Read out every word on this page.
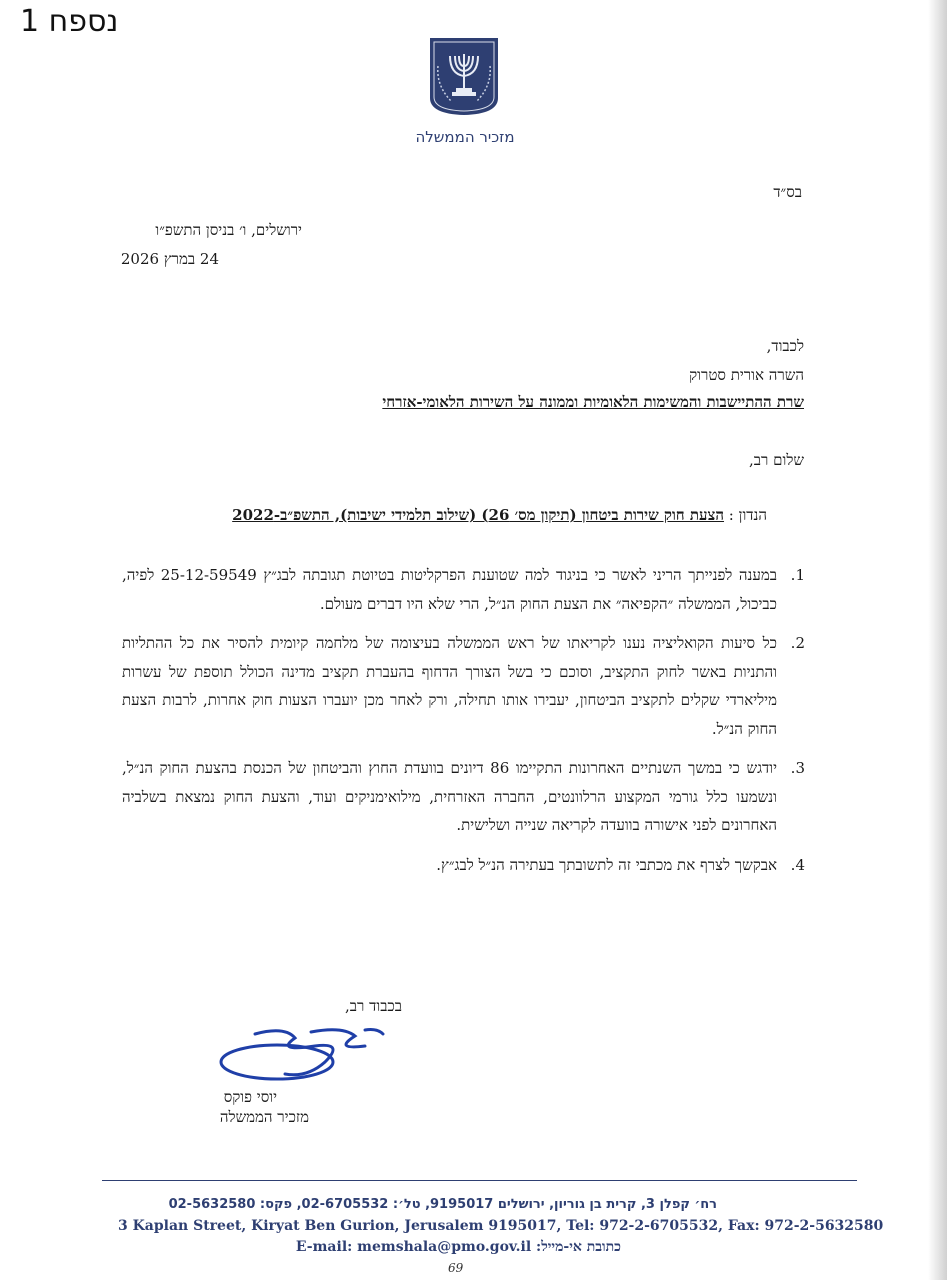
נספח 1
מזכיר הממשלה
בס״ד
ירושלים, ו׳ בניסן התשפ״ו
24 במרץ 2026
לכבוד,
השרה אורית סטרוק
שרת ההתיישבות והמשימות הלאומיות וממונה על השירות הלאומי-אזרחי
שלום רב,
הנדון : הצעת חוק שירות ביטחון (תיקון מס׳ 26) (שילוב תלמידי ישיבות), התשפ״ב-2022
1.
במענה לפנייתך הריני לאשר כי בניגוד למה שטוענת הפרקליטות בטיוטת תגובתה לבג״ץ 25-12-59549 לפיה, כביכול, הממשלה ״הקפיאה״ את הצעת החוק הנ״ל, הרי שלא היו דברים מעולם.
2.
כל סיעות הקואליציה נענו לקריאתו של ראש הממשלה בעיצומה של מלחמה קיומית להסיר את כל ההתליות והתניות באשר לחוק התקציב, וסוכם כי בשל הצורך הדחוף בהעברת תקציב מדינה הכולל תוספת של עשרות מיליארדי שקלים לתקציב הביטחון, יעבירו אותו תחילה, ורק לאחר מכן יועברו הצעות חוק אחרות, לרבות הצעת החוק הנ״ל.
3.
יודגש כי במשך השנתיים האחרונות התקיימו 86 דיונים בוועדת החוץ והביטחון של הכנסת בהצעת החוק הנ״ל, ונשמעו כלל גורמי המקצוע הרלוונטים, החברה האזרחית, מילואימניקים ועוד, והצעת החוק נמצאת בשלביה האחרונים לפני אישורה בוועדה לקריאה שנייה ושלישית.
4.
אבקשך לצרף את מכתבי זה לתשובתך בעתירה הנ״ל לבג״ץ.
בכבוד רב,
יוסי פוקס
מזכיר הממשלה
רח׳ קפלן 3, קרית בן גוריון, ירושלים 9195017, טל׳: 02-6705532, פקס: 02-5632580
3 Kaplan Street, Kiryat Ben Gurion, Jerusalem 9195017, Tel: 972-2-6705532, Fax: 972-2-5632580
כתובת אי-מייל: E-mail: memshala@pmo.gov.il
69
